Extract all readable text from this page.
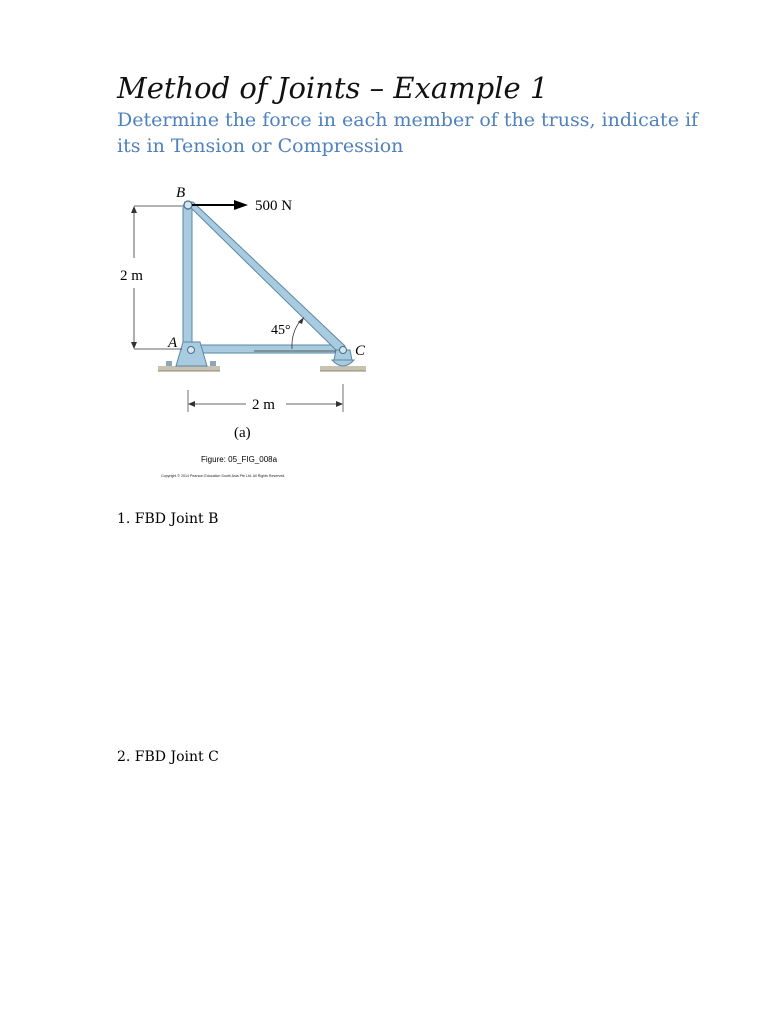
Method of Joints – Example 1
Determine the force in each member of the truss, indicate if its in Tension or Compression
500 N
2 m
2 m
45°
B
A	C
(a)
Figure: 05_FIG_008a
Copyright © 2014 Pearson Education South Asia Pte Ltd. All Rights Reserved.
1. FBD Joint B
2. FBD Joint C
